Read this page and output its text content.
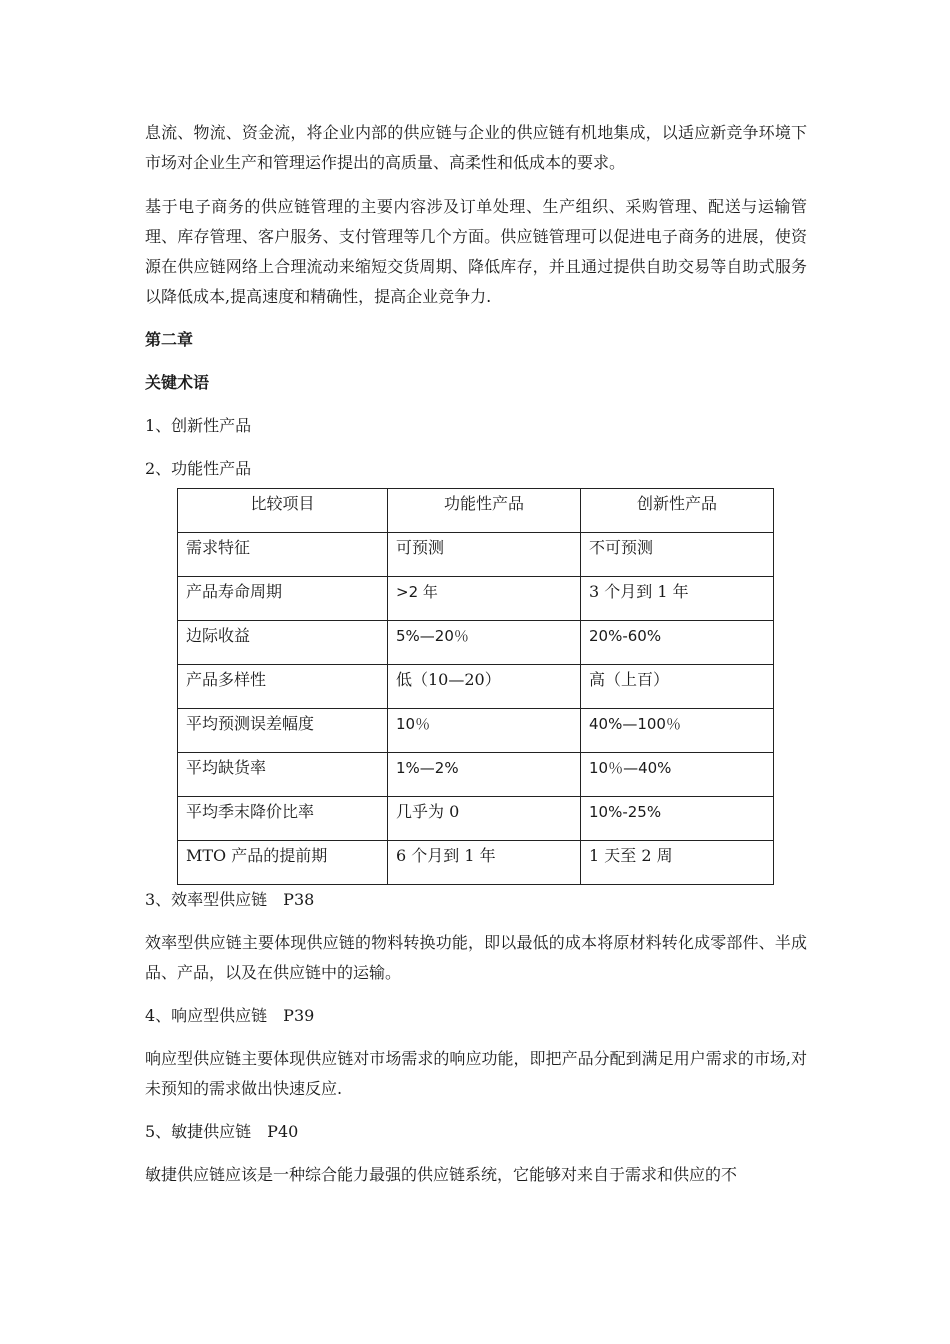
息流、物流、资金流，将企业内部的供应链与企业的供应链有机地集成，以适应新竞争环境下市场对企业生产和管理运作提出的高质量、高柔性和低成本的要求。

基于电子商务的供应链管理的主要内容涉及订单处理、生产组织、采购管理、配送与运输管理、库存管理、客户服务、支付管理等几个方面。供应链管理可以促进电子商务的进展，使资源在供应链网络上合理流动来缩短交货周期、降低库存，并且通过提供自助交易等自助式服务以降低成本,提高速度和精确性，提高企业竞争力.

第二章

关键术语

1、创新性产品

2、功能性产品

比较项目	功能性产品	创新性产品
需求特征	可预测	不可预测
产品寿命周期	>2 年	3 个月到 1 年
边际收益	5%—20％	20%-60%
产品多样性	低（10—20）	高（上百）
平均预测误差幅度	10％	40%—100％
平均缺货率	1%—2%	10％—40%
平均季末降价比率	几乎为 0	10%-25%
MTO 产品的提前期	6 个月到 1 年	1 天至 2 周

3、效率型供应链　P38

效率型供应链主要体现供应链的物料转换功能，即以最低的成本将原材料转化成零部件、半成品、产品，以及在供应链中的运输。

4、响应型供应链　P39

响应型供应链主要体现供应链对市场需求的响应功能，即把产品分配到满足用户需求的市场,对未预知的需求做出快速反应.

5、敏捷供应链　P40

敏捷供应链应该是一种综合能力最强的供应链系统，它能够对来自于需求和供应的不
